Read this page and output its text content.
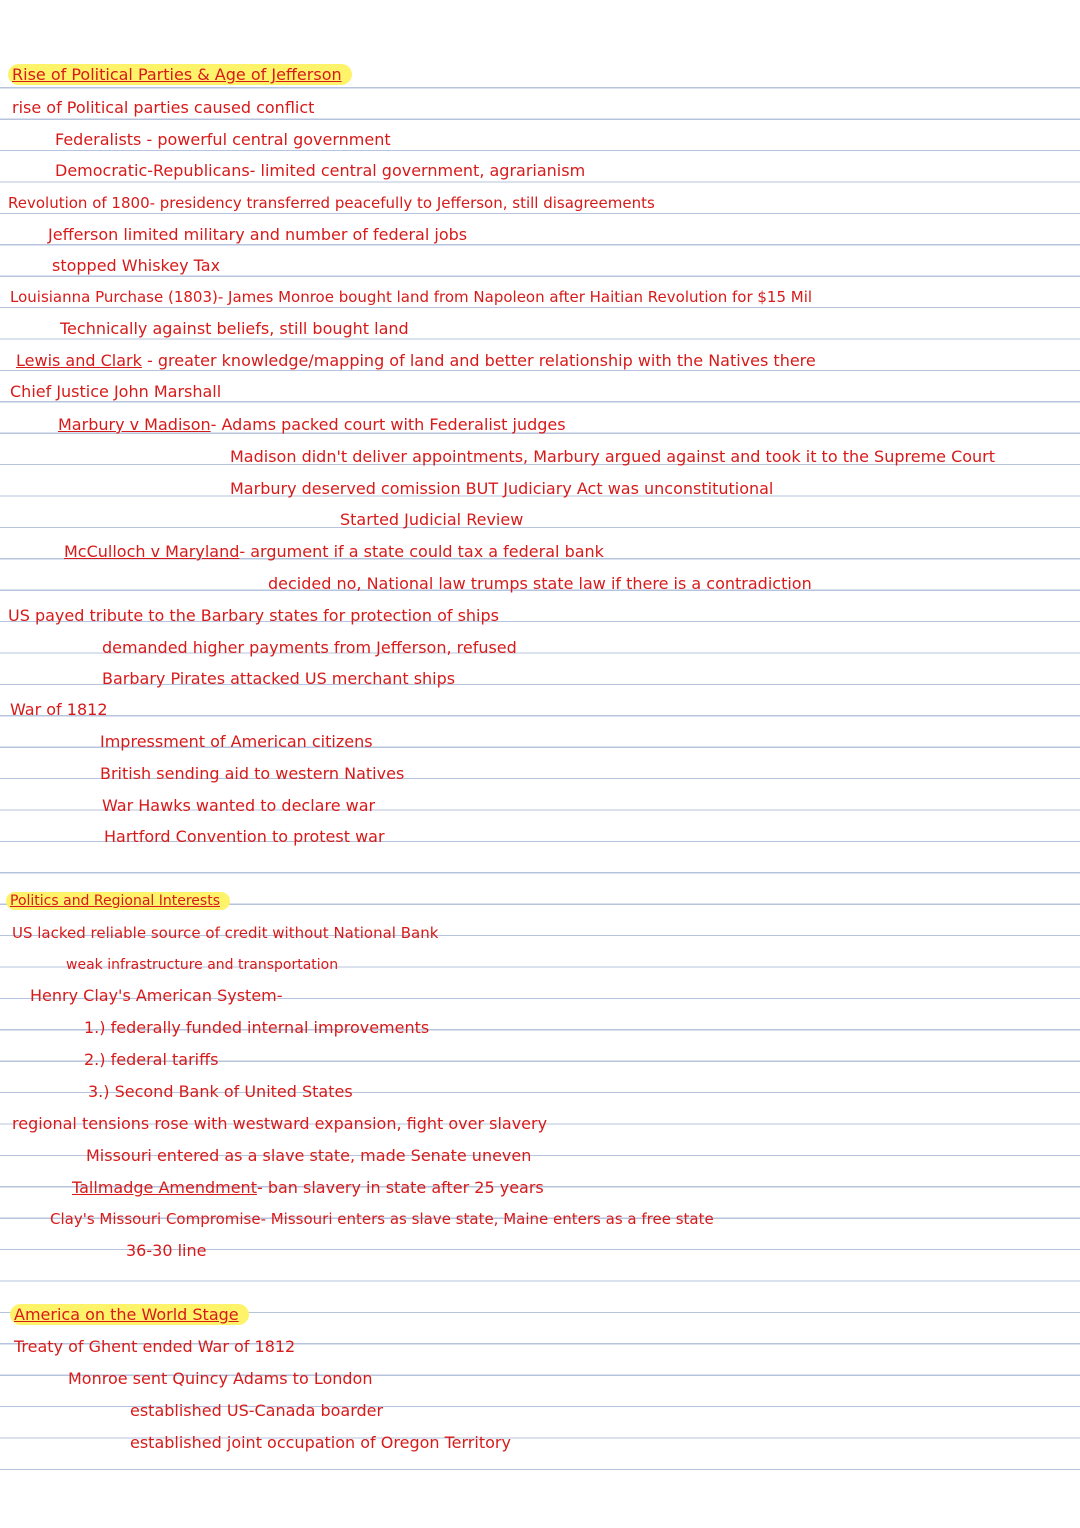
Rise of Political Parties & Age of Jefferson
rise of Political parties caused conflict
Federalists - powerful central government
Democratic-Republicans- limited central government, agrarianism
Revolution of 1800- presidency transferred peacefully to Jefferson, still disagreements
Jefferson limited military and number of federal jobs
stopped Whiskey Tax
Louisianna Purchase (1803)- James Monroe bought land from Napoleon after Haitian Revolution for $15 Mil
Technically against beliefs, still bought land
Lewis and Clark - greater knowledge/mapping of land and better relationship with the Natives there
Chief Justice John Marshall
Marbury v Madison- Adams packed court with Federalist judges
Madison didn't deliver appointments, Marbury argued against and took it to the Supreme Court
Marbury deserved comission BUT Judiciary Act was unconstitutional
Started Judicial Review
McCulloch v Maryland- argument if a state could tax a federal bank
decided no, National law trumps state law if there is a contradiction
US payed tribute to the Barbary states for protection of ships
demanded higher payments from Jefferson, refused
Barbary Pirates attacked US merchant ships
War of 1812
Impressment of American citizens
British sending aid to western Natives
War Hawks wanted to declare war
Hartford Convention to protest war
Politics and Regional Interests
US lacked reliable source of credit without National Bank
weak infrastructure and transportation
Henry Clay's American System-
1.) federally funded internal improvements
2.) federal tariffs
3.) Second Bank of United States
regional tensions rose with westward expansion, fight over slavery
Missouri entered as a slave state, made Senate uneven
Tallmadge Amendment- ban slavery in state after 25 years
Clay's Missouri Compromise- Missouri enters as slave state, Maine enters as a free state
36-30 line
America on the World Stage
Treaty of Ghent ended War of 1812
Monroe sent Quincy Adams to London
established US-Canada boarder
established joint occupation of Oregon Territory
